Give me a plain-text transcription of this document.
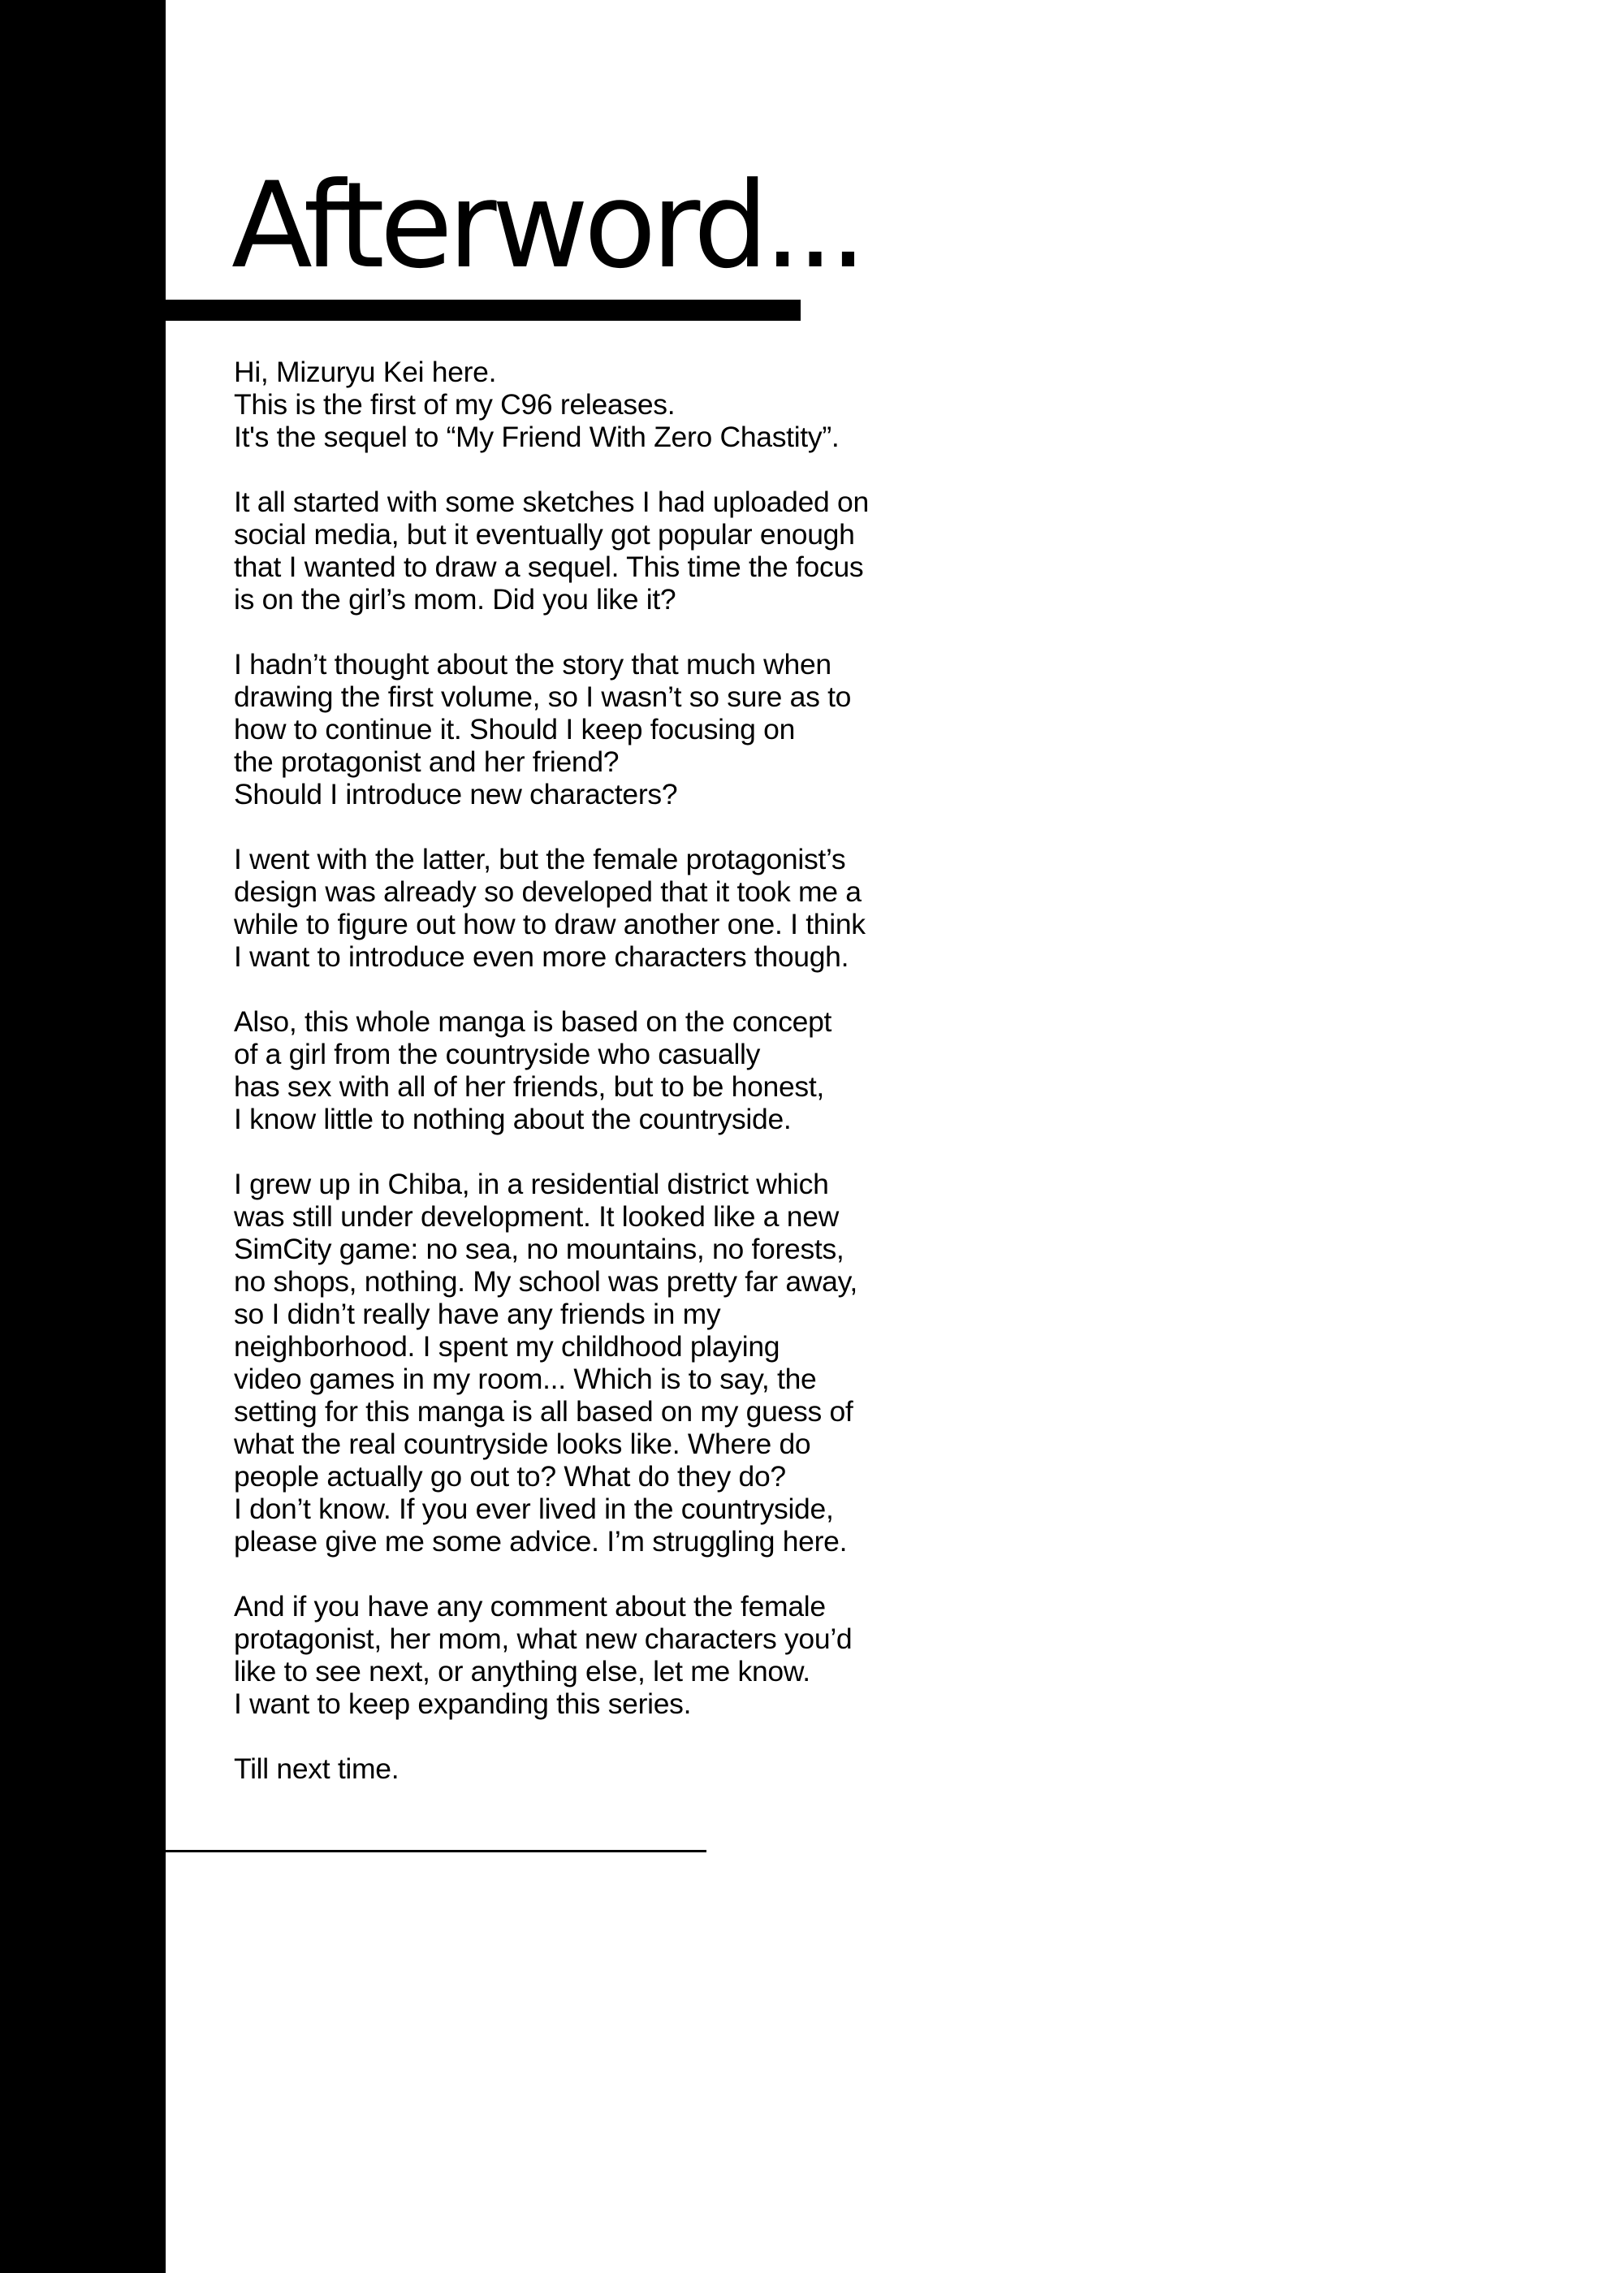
Afterword...

Hi, Mizuryu Kei here.
This is the first of my C96 releases.
It's the sequel to “My Friend With Zero Chastity”.

It all started with some sketches I had uploaded on
social media, but it eventually got popular enough
that I wanted to draw a sequel. This time the focus
is on the girl’s mom. Did you like it?

I hadn’t thought about the story that much when
drawing the first volume, so I wasn’t so sure as to
how to continue it. Should I keep focusing on
the protagonist and her friend?
Should I introduce new characters?

I went with the latter, but the female protagonist’s
design was already so developed that it took me a
while to figure out how to draw another one. I think
I want to introduce even more characters though.

Also, this whole manga is based on the concept
of a girl from the countryside who casually
has sex with all of her friends, but to be honest,
I know little to nothing about the countryside.

I grew up in Chiba, in a residential district which
was still under development. It looked like a new
SimCity game: no sea, no mountains, no forests,
no shops, nothing. My school was pretty far away,
so I didn’t really have any friends in my
neighborhood. I spent my childhood playing
video games in my room... Which is to say, the
setting for this manga is all based on my guess of
what the real countryside looks like. Where do
people actually go out to? What do they do?
I don’t know. If you ever lived in the countryside,
please give me some advice. I’m struggling here.

And if you have any comment about the female
protagonist, her mom, what new characters you’d
like to see next, or anything else, let me know.
I want to keep expanding this series.

Till next time.
